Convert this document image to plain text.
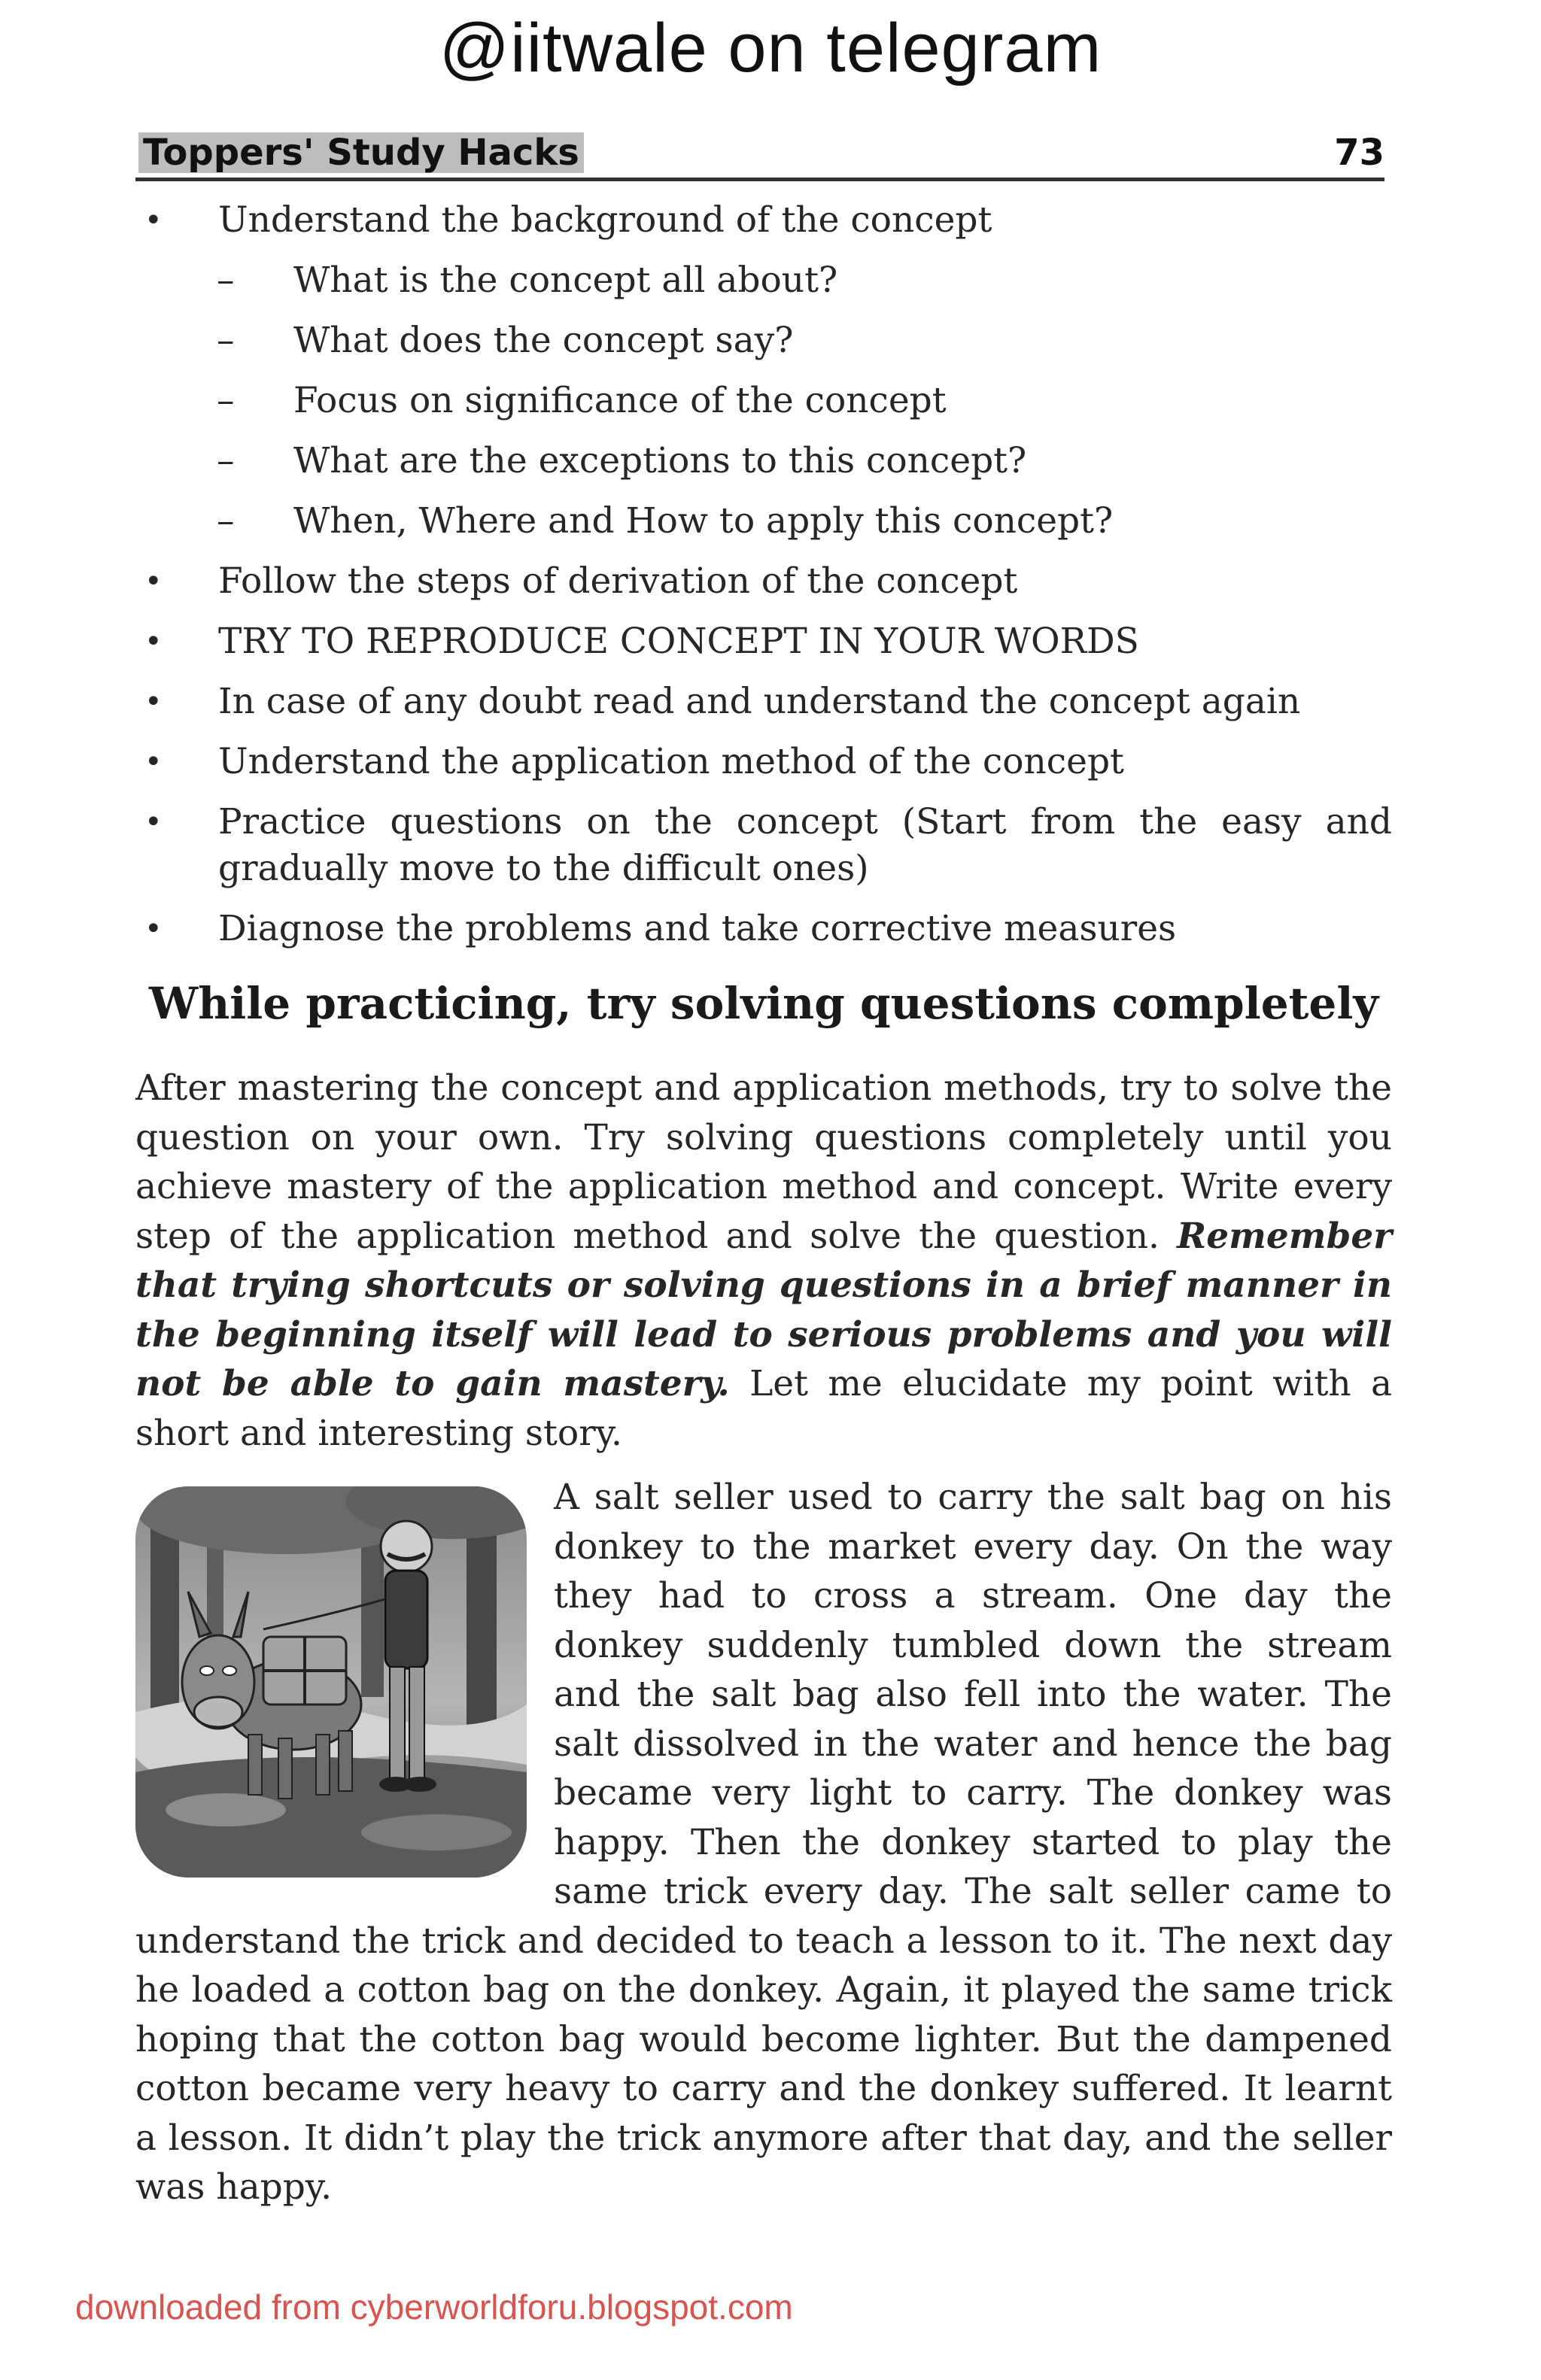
@iitwale on telegram
Toppers' Study Hacks	73
• Understand the background of the concept
– What is the concept all about?
– What does the concept say?
– Focus on significance of the concept
– What are the exceptions to this concept?
– When, Where and How to apply this concept?
• Follow the steps of derivation of the concept
• TRY TO REPRODUCE CONCEPT IN YOUR WORDS
• In case of any doubt read and understand the concept again
• Understand the application method of the concept
• Practice questions on the concept (Start from the easy and gradually move to the difficult ones)
• Diagnose the problems and take corrective measures
While practicing, try solving questions completely

After mastering the concept and application methods, try to solve the question on your own. Try solving questions completely until you achieve mastery of the application method and concept. Write every step of the application method and solve the question. Remember that trying shortcuts or solving questions in a brief manner in the beginning itself will lead to serious problems and you will not be able to gain mastery. Let me elucidate my point with a short and interesting story.

A salt seller used to carry the salt bag on his donkey to the market every day. On the way they had to cross a stream. One day the donkey suddenly tumbled down the stream and the salt bag also fell into the water. The salt dissolved in the water and hence the bag became very light to carry. The donkey was happy. Then the donkey started to play the same trick every day. The salt seller came to understand the trick and decided to teach a lesson to it. The next day he loaded a cotton bag on the donkey. Again, it played the same trick hoping that the cotton bag would become lighter. But the dampened cotton became very heavy to carry and the donkey suffered. It learnt a lesson. It didn’t play the trick anymore after that day, and the seller was happy.

downloaded from cyberworldforu.blogspot.com
